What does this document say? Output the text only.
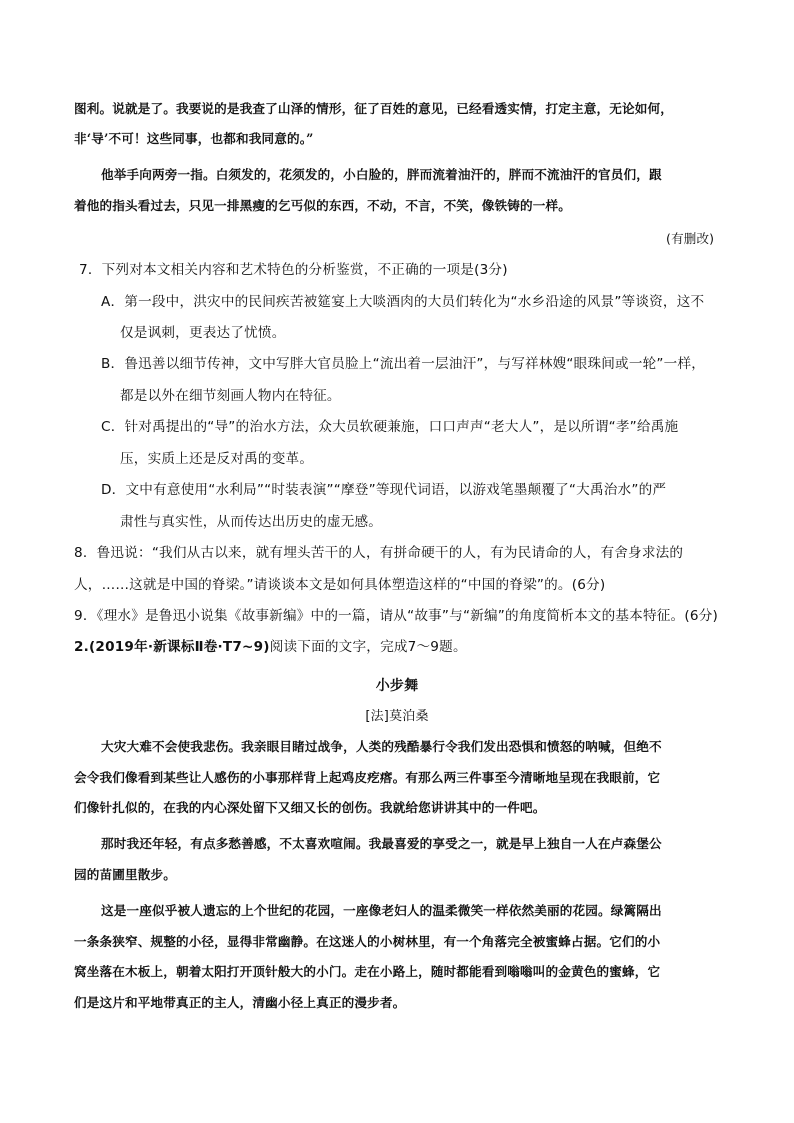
图利。说就是了。我要说的是我查了山泽的情形，征了百姓的意见，已经看透实情，打定主意，无论如何，
非‘导’不可！这些同事，也都和我同意的。”
他举手向两旁一指。白须发的，花须发的，小白脸的，胖而流着油汗的，胖而不流油汗的官员们，跟
着他的指头看过去，只见一排黑瘦的乞丐似的东西，不动，不言，不笑，像铁铸的一样。
(有删改)
7．下列对本文相关内容和艺术特色的分析鉴赏，不正确的一项是(3分)
A．第一段中，洪灾中的民间疾苦被筵宴上大啖酒肉的大员们转化为“水乡沿途的风景”等谈资，这不
仅是讽刺，更表达了忧愤。
B．鲁迅善以细节传神，文中写胖大官员脸上“流出着一层油汗”，与写祥林嫂“眼珠间或一轮”一样，
都是以外在细节刻画人物内在特征。
C．针对禹提出的“导”的治水方法，众大员软硬兼施，口口声声“老大人”，是以所谓“孝”给禹施
压，实质上还是反对禹的变革。
D．文中有意使用“水利局”“时装表演”“摩登”等现代词语，以游戏笔墨颠覆了“大禹治水”的严
肃性与真实性，从而传达出历史的虚无感。
8．鲁迅说：“我们从古以来，就有埋头苦干的人，有拼命硬干的人，有为民请命的人，有舍身求法的
人，……这就是中国的脊梁。”请谈谈本文是如何具体塑造这样的“中国的脊梁”的。(6分)
9．《理水》是鲁迅小说集《故事新编》中的一篇，请从“故事”与“新编”的角度简析本文的基本特征。(6分)
2.(2019年·新课标Ⅱ卷·T7~9)阅读下面的文字，完成7～9题。
小步舞
[法]莫泊桑
大灾大难不会使我悲伤。我亲眼目睹过战争，人类的残酷暴行令我们发出恐惧和愤怒的呐喊，但绝不
会令我们像看到某些让人感伤的小事那样背上起鸡皮疙瘩。有那么两三件事至今清晰地呈现在我眼前，它
们像针扎似的，在我的内心深处留下又细又长的创伤。我就给您讲讲其中的一件吧。
那时我还年轻，有点多愁善感，不太喜欢喧闹。我最喜爱的享受之一，就是早上独自一人在卢森堡公
园的苗圃里散步。
这是一座似乎被人遗忘的上个世纪的花园，一座像老妇人的温柔微笑一样依然美丽的花园。绿篱隔出
一条条狭窄、规整的小径，显得非常幽静。在这迷人的小树林里，有一个角落完全被蜜蜂占据。它们的小
窝坐落在木板上，朝着太阳打开顶针般大的小门。走在小路上，随时都能看到嗡嗡叫的金黄色的蜜蜂，它
们是这片和平地带真正的主人，清幽小径上真正的漫步者。
